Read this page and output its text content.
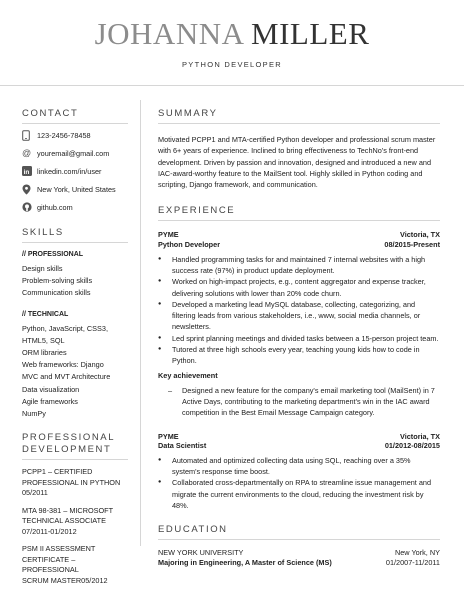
JOHANNA MILLER
PYTHON DEVELOPER
CONTACT
123-2456-78458
@ youremail@gmail.com
in linkedin.com/in/user
New York, United States
github.com
SKILLS
// PROFESSIONAL
Design skills
Problem-solving skills
Communication skills
// TECHNICAL
Python, JavaScript, CSS3,
HTML5, SQL
ORM libraries
Web frameworks: Django
MVC and MVT Architecture
Data visualization
Agile frameworks
NumPy
PROFESSIONAL
DEVELOPMENT
PCPP1 – CERTIFIED
PROFESSIONAL IN PYTHON
05/2011
MTA 98-381 – MICROSOFT
TECHNICAL ASSOCIATE
07/2011-01/2012
PSM II ASSESSMENT
CERTIFICATE – PROFESSIONAL
SCRUM MASTER05/2012
SUMMARY
Motivated PCPP1 and MTA-certified Python developer and professional scrum master with 6+ years of experience. Inclined to bring effectiveness to TechNo's front-end development. Driven by passion and innovation, designed and introduced a new and IAC-award-worthy feature to the MailSent tool. Highly skilled in Python coding and scripting, Django framework, and communication.
EXPERIENCE
PYME	Victoria, TX
Python Developer	08/2015-Present
● Handled programming tasks for and maintained 7 internal websites with a high success rate (97%) in product update deployment.
● Worked on high-impact projects, e.g., content aggregator and expense tracker, delivering solutions with lower than 20% code churn.
● Developed a marketing lead MySQL database, collecting, categorizing, and filtering leads from various stakeholders, i.e., www, social media channels, or newsletters.
● Led sprint planning meetings and divided tasks between a 15-person project team.
● Tutored at three high schools every year, teaching young kids how to code in Python.
Key achievement
– Designed a new feature for the company's email marketing tool (MailSent) in 7 Active Days, contributing to the marketing department's win in the IAC award competition in the Best Email Message Campaign category.
PYME	Victoria, TX
Data Scientist	01/2012-08/2015
● Automated and optimized collecting data using SQL, reaching over a 35% system's response time boost.
● Collaborated cross-departmentally on RPA to streamline issue management and migrate the current environments to the cloud, reducing the investment risk by 48%.
EDUCATION
NEW YORK UNIVERSITY	New York, NY
Majoring in Engineering, A Master of Science (MS)	01/2007-11/2011
